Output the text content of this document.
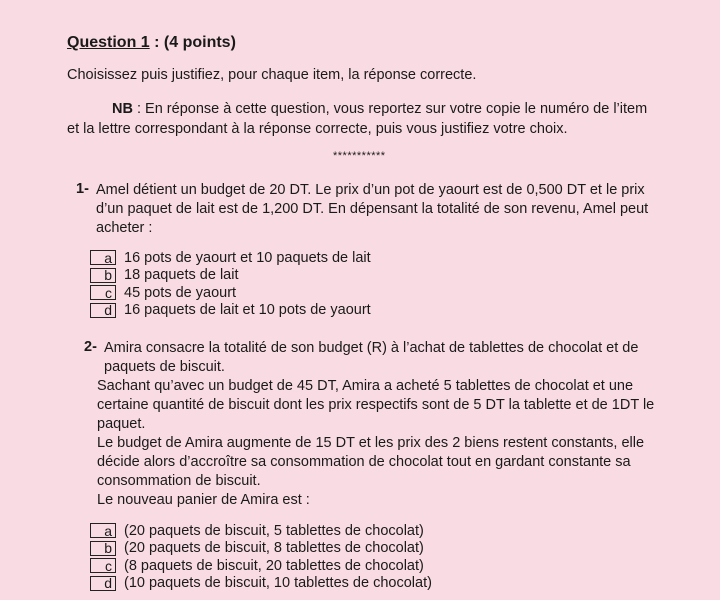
Question 1 : (4 points)
Choisissez puis justifiez, pour chaque item, la réponse correcte.
NB : En réponse à cette question, vous reportez sur votre copie le numéro de l’item
et la lettre correspondant à la réponse correcte, puis vous justifiez votre choix.
***********
1- Amel détient un budget de 20 DT. Le prix d’un pot de yaourt est de 0,500 DT et le prix

d’un paquet de lait est de 1,200 DT. En dépensant la totalité de son revenu, Amel peut

acheter :

a 16 pots de yaourt et 10 paquets de lait
b 18 paquets de lait
c 45 pots de yaourt
d 16 paquets de lait et 10 pots de yaourt
2- Amira consacre la totalité de son budget (R) à l’achat de tablettes de chocolat et de

paquets de biscuit.

Sachant qu’avec un budget de 45 DT, Amira a acheté 5 tablettes de chocolat et une

certaine quantité de biscuit dont les prix respectifs sont de 5 DT la tablette et de 1DT le

paquet.

Le budget de Amira augmente de 15 DT et les prix des 2 biens restent constants, elle

décide alors d’accroître sa consommation de chocolat tout en gardant constante sa

consommation de biscuit.

Le nouveau panier de Amira est :

a (20 paquets de biscuit, 5 tablettes de chocolat)
b (20 paquets de biscuit, 8 tablettes de chocolat)
c (8 paquets de biscuit, 20 tablettes de chocolat)
d (10 paquets de biscuit, 10 tablettes de chocolat)
